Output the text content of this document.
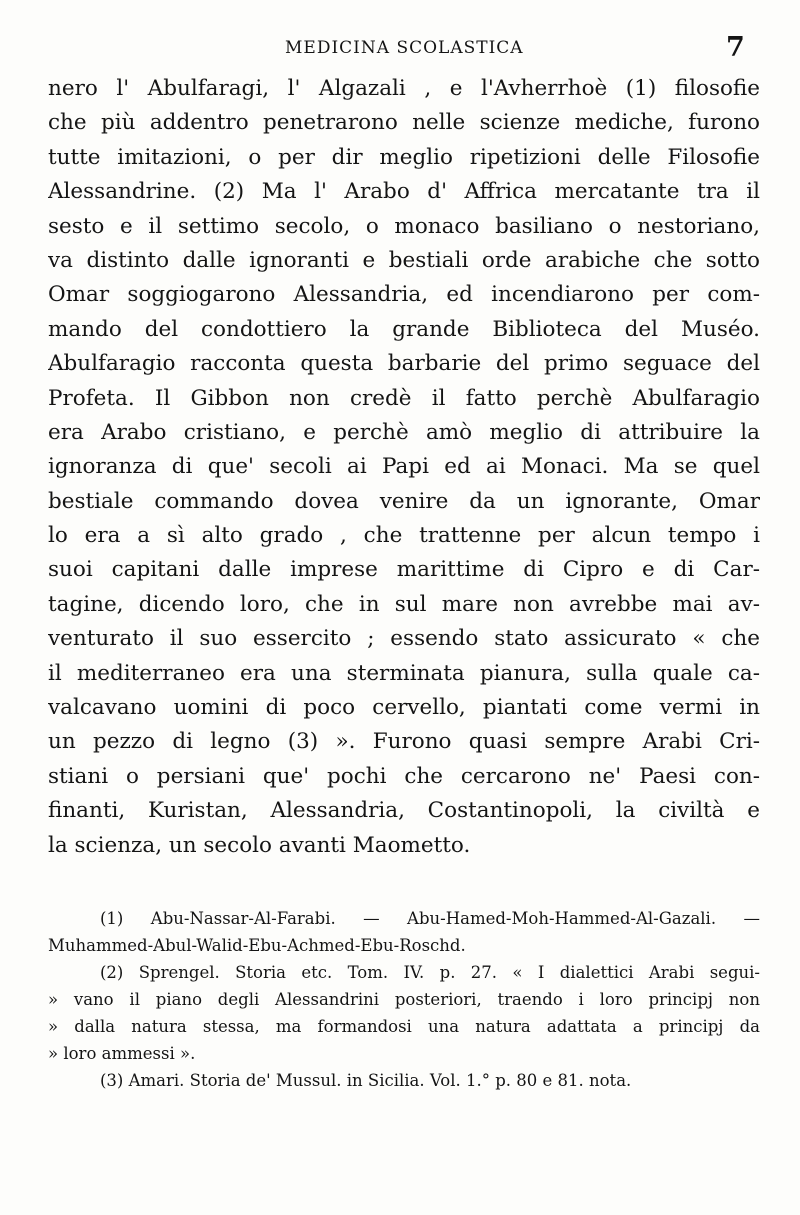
MEDICINA SCOLASTICA	7
nero l' Abulfaragi, l' Algazali , e l'Avherrhoè (1) filosofie
che più addentro penetrarono nelle scienze mediche, furono
tutte imitazioni, o per dir meglio ripetizioni delle Filosofie
Alessandrine. (2) Ma l' Arabo d' Affrica mercatante tra il
sesto e il settimo secolo, o monaco basiliano o nestoriano,
va distinto dalle ignoranti e bestiali orde arabiche che sotto
Omar soggiogarono Alessandria, ed incendiarono per com-
mando del condottiero la grande Biblioteca del Muséo.
Abulfaragio racconta questa barbarie del primo seguace del
Profeta. Il Gibbon non credè il fatto perchè Abulfaragio
era Arabo cristiano, e perchè amò meglio di attribuire la
ignoranza di que' secoli ai Papi ed ai Monaci. Ma se quel
bestiale commando dovea venire da un ignorante, Omar
lo era a sì alto grado , che trattenne per alcun tempo i
suoi capitani dalle imprese marittime di Cipro e di Car-
tagine, dicendo loro, che in sul mare non avrebbe mai av-
venturato il suo essercito ; essendo stato assicurato « che
il mediterraneo era una sterminata pianura, sulla quale ca-
valcavano uomini di poco cervello, piantati come vermi in
un pezzo di legno (3) ». Furono quasi sempre Arabi Cri-
stiani o persiani que' pochi che cercarono ne' Paesi con-
finanti, Kuristan, Alessandria, Costantinopoli, la civiltà e
la scienza, un secolo avanti Maometto.
(1) Abu-Nassar-Al-Farabi. — Abu-Hamed-Moh-Hammed-Al-Gazali. —
Muhammed-Abul-Walid-Ebu-Achmed-Ebu-Roschd.
(2) Sprengel. Storia etc. Tom. IV. p. 27. « I dialettici Arabi segui-
» vano il piano degli Alessandrini posteriori, traendo i loro principj non
» dalla natura stessa, ma formandosi una natura adattata a principj da
» loro ammessi ».
(3) Amari. Storia de' Mussul. in Sicilia. Vol. 1.° p. 80 e 81. nota.
